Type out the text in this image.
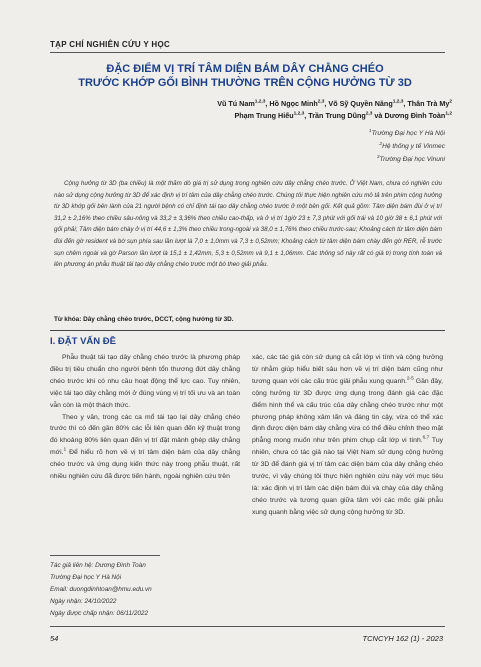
TẠP CHÍ NGHIÊN CỨU Y HỌC
ĐẶC ĐIỂM VỊ TRÍ TÂM DIỆN BÁM DÂY CHẰNG CHÉO
TRƯỚC KHỚP GỐI BÌNH THƯỜNG TRÊN CỘNG HƯỞNG TỪ 3D
Vũ Tú Nam$^{1,2,3}$, Hồ Ngọc Minh$^{2,3}$, Võ Sỹ Quyền Năng$^{1,2,3}$, Thân Trà My$^2$
Phạm Trung Hiếu$^{1,2,3}$, Trần Trung Dũng$^{2,3}$ và Dương Đình Toàn$^{1,2}$
$^1$Trường Đại học Y Hà Nội
$^2$Hệ thống y tế Vinmec
$^3$Trường Đại học Vinuni

Cộng hưởng từ 3D (ba chiều) là một thăm dò giá trị sử dụng trong nghiên cứu dây chằng chéo trước. Ở Việt Nam, chưa có nghiên cứu nào sử dụng cộng hưởng từ 3D để xác định vị trí tâm của dây chằng chéo trước. Chúng tôi thực hiện nghiên cứu mô tả trên phim cộng hưởng từ 3D khớp gối bên lành của 21 người bệnh có chỉ định tái tạo dây chằng chéo trước ở một bên gối. Kết quả gồm: Tâm diện bám đùi ở vị trí 31,2 ± 2,16% theo chiều sâu-nông và 33,2 ± 3,36% theo chiều cao-thấp, và ở vị trí 1giờ 23 ± 7,3 phút với gối trái và 10 giờ 38 ± 6,1 phút với gối phải; Tâm diện bám chày ở vị trí 44,6 ± 1,3% theo chiều trong-ngoài và 38,0 ± 1,76% theo chiều trước-sau; Khoảng cách từ tâm diện bám đùi đến gờ resident và bờ sụn phía sau lần lượt là 7,0 ± 1,0mm và 7,3 ± 0,52mm; Khoảng cách từ tâm diện bám chày đến gờ RER, rễ trước sụn chêm ngoài và gờ Parson lần lượt là 15,1 ± 1,42mm, 5,3 ± 0,52mm và 9,1 ± 1,06mm. Các thông số này rất có giá trị trong tính toán và lên phương án phẫu thuật tái tạo dây chằng chéo trước một bó theo giải phẫu.

Từ khóa: Dây chằng chéo trước, DCCT, cộng hưởng từ 3D.
I. ĐẶT VẤN ĐỀ

Phẫu thuật tái tạo dây chằng chéo trước là phương pháp điều trị tiêu chuẩn cho người bệnh tổn thương đứt dây chằng chéo trước khi có nhu cầu hoạt động thể lực cao. Tuy nhiên, việc tái tạo dây chằng mới ở đúng vùng vị trí tối ưu và an toàn vẫn còn là một thách thức.

Theo y văn, trong các ca mổ tái tạo lại dây chằng chéo trước thì có đến gần 80% các lỗi liên quan đến kỹ thuật trong đó khoảng 80% liên quan đến vị trí đặt mảnh ghép dây chằng mới.$^1$ Để hiểu rõ hơn về vị trí tâm diện bám của dây chằng chéo trước và ứng dụng kiến thức này trong phẫu thuật, rất nhiều nghiên cứu đã được tiến hành, ngoài nghiên cứu trên

xác, các tác giả còn sử dụng cả cắt lớp vi tính và cộng hưởng từ nhằm giúp hiểu biết sâu hơn về vị trí diện bám cũng như tương quan với các cấu trúc giải phẫu xung quanh.$^{2-5}$ Gần đây, cộng hưởng từ 3D được ứng dụng trong đánh giá các đặc điểm hình thể và cấu trúc của dây chằng chéo trước như một phương pháp không xâm lấn và đáng tin cậy, vừa có thể xác định được diện bám dây chằng vừa có thể điều chỉnh theo mặt phẳng mong muốn như trên phim chụp cắt lớp vi tính.$^{6,7}$ Tuy nhiên, chưa có tác giả nào tại Việt Nam sử dụng cộng hưởng từ 3D để đánh giá vị trí tâm các diện bám của dây chằng chéo trước, vì vậy chúng tôi thực hiện nghiên cứu này với mục tiêu là: xác định vị trí tâm các diện bám đùi và chày của dây chằng chéo trước và tương quan giữa tâm với các mốc giải phẫu xung quanh bằng việc sử dụng cộng hưởng từ 3D.

Tác giả liên hệ: Dương Đình Toàn
Trường Đại học Y Hà Nội
Email: duongdinhtoan@hmu.edu.vn
Ngày nhận: 24/10/2022
Ngày được chấp nhận: 06/11/2022
54	TCNCYH 162 (1) - 2023
